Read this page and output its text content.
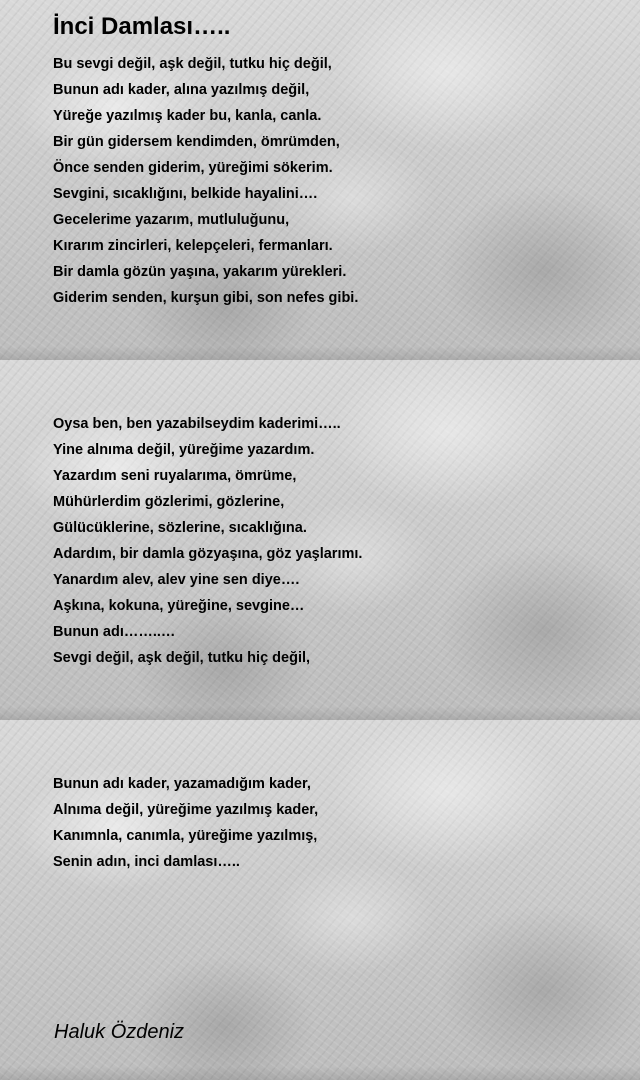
İnci Damlası…..
Bu sevgi değil, aşk değil, tutku hiç değil,
Bunun adı kader, alına yazılmış değil,
Yüreğe yazılmış kader bu, kanla, canla.
Bir gün gidersem kendimden, ömrümden,
Önce senden giderim, yüreğimi sökerim.
Sevgini, sıcaklığını, belkide hayalini….
Gecelerime yazarım, mutluluğunu,
Kırarım zincirleri, kelepçeleri, fermanları.
Bir damla gözün yaşına, yakarım yürekleri.
Giderim senden, kurşun gibi, son nefes gibi.
Oysa ben, ben yazabilseydim kaderimi…..
Yine alnıma değil, yüreğime yazardım.
Yazardım seni ruyalarıma, ömrüme,
Mühürlerdim gözlerimi, gözlerine,
Gülücüklerine, sözlerine, sıcaklığına.
Adardım, bir damla gözyaşına, göz yaşlarımı.
Yanardım alev, alev yine sen diye….
Aşkına, kokuna, yüreğine, sevgine…
Bunun adı……..…
Sevgi değil, aşk değil, tutku hiç değil,
Bunun adı kader, yazamadığım kader,
Alnıma değil, yüreğime yazılmış kader,
Kanımnla, canımla, yüreğime yazılmış,
Senin adın, inci damlası…..

Haluk Özdeniz
